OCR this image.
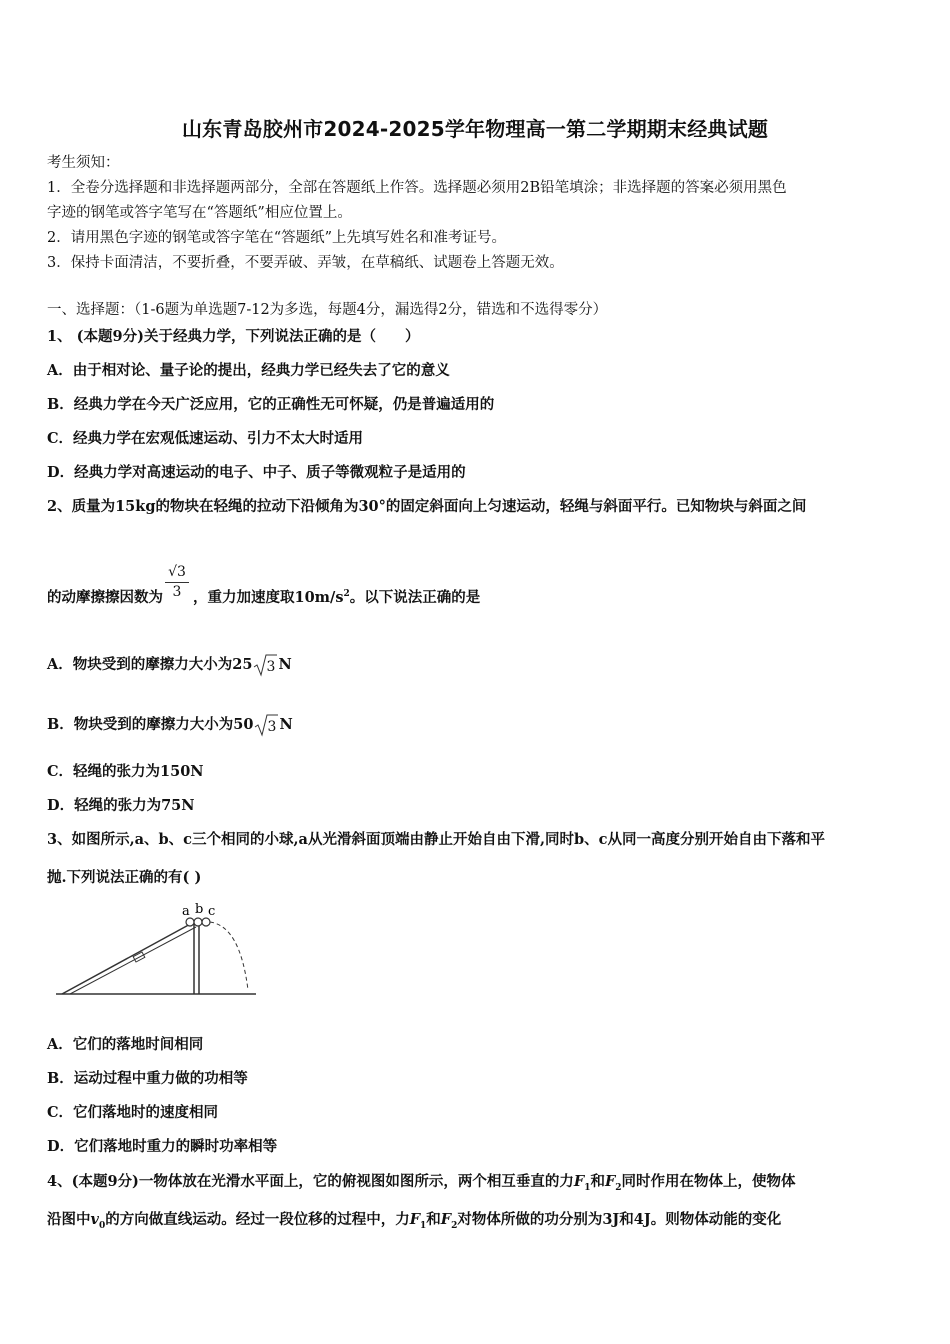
山东青岛胶州市2024-2025学年物理高一第二学期期末经典试题
考生须知：
1．全卷分选择题和非选择题两部分，全部在答题纸上作答。选择题必须用2B铅笔填涂；非选择题的答案必须用黑色
字迹的钢笔或答字笔写在“答题纸”相应位置上。
2．请用黑色字迹的钢笔或答字笔在“答题纸”上先填写姓名和准考证号。
3．保持卡面清洁，不要折叠，不要弄破、弄皱，在草稿纸、试题卷上答题无效。
一、选择题：（1-6题为单选题7-12为多选，每题4分，漏选得2分，错选和不选得零分）
1、 (本题9分)关于经典力学，下列说法正确的是（　　）
A．由于相对论、量子论的提出，经典力学已经失去了它的意义
B．经典力学在今天广泛应用，它的正确性无可怀疑，仍是普遍适用的
C．经典力学在宏观低速运动、引力不太大时适用
D．经典力学对高速运动的电子、中子、质子等微观粒子是适用的
2、质量为15kg的物块在轻绳的拉动下沿倾角为30°的固定斜面向上匀速运动，轻绳与斜面平行。已知物块与斜面之间
的动摩擦擦因数为 ，重力加速度取$10m/s^2$。以下说法正确的是
$\frac{√3}{3}$
A．物块受到的摩擦力大小为25 3 N
B．物块受到的摩擦力大小为50 3 N
C．轻绳的张力为150N
D．轻绳的张力为75N
3、如图所示,a、b、c三个相同的小球,a从光滑斜面顶端由静止开始自由下滑,同时b、c从同一高度分别开始自由下落和平
抛.下列说法正确的有( )
a b c
A．它们的落地时间相同
B．运动过程中重力做的功相等
C．它们落地时的速度相同
D．它们落地时重力的瞬时功率相等
4、(本题9分)一物体放在光滑水平面上，它的俯视图如图所示，两个相互垂直的力$F_1$和$F_2$同时作用在物体上，使物体
沿图中$v_0$的方向做直线运动。经过一段位移的过程中，力$F_1$和$F_2$对物体所做的功分别为3J和4J。则物体动能的变化
